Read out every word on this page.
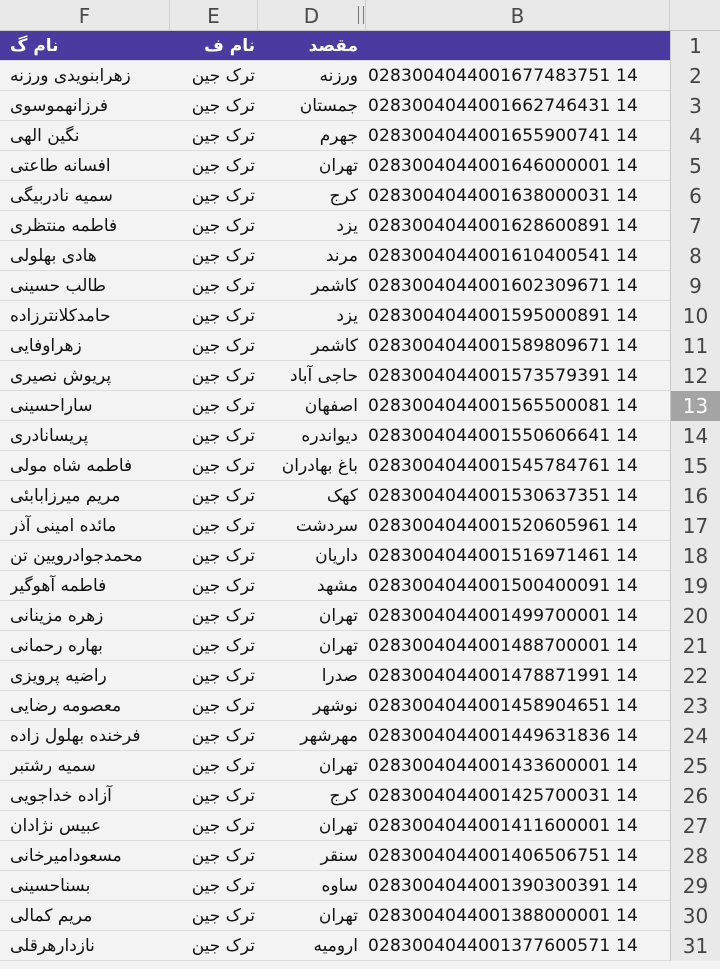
F	E	D	B
نام گ	نام ف	مقصد	1
زهرابنویدی ورزنه	ترک جین	ورزنه 0283004044001677483751 14	2
فرزانهموسوی	ترک جین	جمستان 0283004044001662746431 14	3
نگین الهی	ترک جین	جهرم 0283004044001655900741 14	4
افسانه طاعتی	ترک جین	تهران 0283004044001646000001 14	5
سمیه نادربیگی	ترک جین	کرج 0283004044001638000031 14	6
فاطمه منتظری	ترک جین	یزد 0283004044001628600891 14	7
هادی بهلولی	ترک جین	مرند 0283004044001610400541 14	8
طالب حسینی	ترک جین	کاشمر 0283004044001602309671 14	9
حامدکلانترزاده	ترک جین	یزد 0283004044001595000891 14	10
زهراوفایی	ترک جین	کاشمر 0283004044001589809671 14	11
پریوش نصیری	ترک جین	حاجی آباد 0283004044001573579391 14	12
ساراحسینی	ترک جین	اصفهان 0283004044001565500081 14	13
پریسانادری	ترک جین	دیواندره 0283004044001550606641 14	14
فاطمه شاه مولی	ترک جین	باغ بهادران 0283004044001545784761 14	15
مریم میرزابابئی	ترک جین	کهک 0283004044001530637351 14	16
مائده امینی آذر	ترک جین	سردشت 0283004044001520605961 14	17
محمدجوادرویین تن	ترک جین	داریان 0283004044001516971461 14	18
فاطمه آهوگیر	ترک جین	مشهد 0283004044001500400091 14	19
زهره مزینانی	ترک جین	تهران 0283004044001499700001 14	20
بهاره رحمانی	ترک جین	تهران 0283004044001488700001 14	21
راضیه پرویزی	ترک جین	صدرا 0283004044001478871991 14	22
معصومه رضایی	ترک جین	نوشهر 0283004044001458904651 14	23
فرخنده بهلول زاده	ترک جین	مهرشهر 0283004044001449631836 14	24
سمیه رشتبر	ترک جین	تهران 0283004044001433600001 14	25
آزاده خداجویی	ترک جین	کرج 0283004044001425700031 14	26
عبیس نژادان	ترک جین	تهران 0283004044001411600001 14	27
مسعودامیرخانی	ترک جین	سنقر 0283004044001406506751 14	28
بسناحسینی	ترک جین	ساوه 0283004044001390300391 14	29
مریم کمالی	ترک جین	تهران 0283004044001388000001 14	30
نازدارهرقلی	ترک جین	ارومیه 0283004044001377600571 14	31
